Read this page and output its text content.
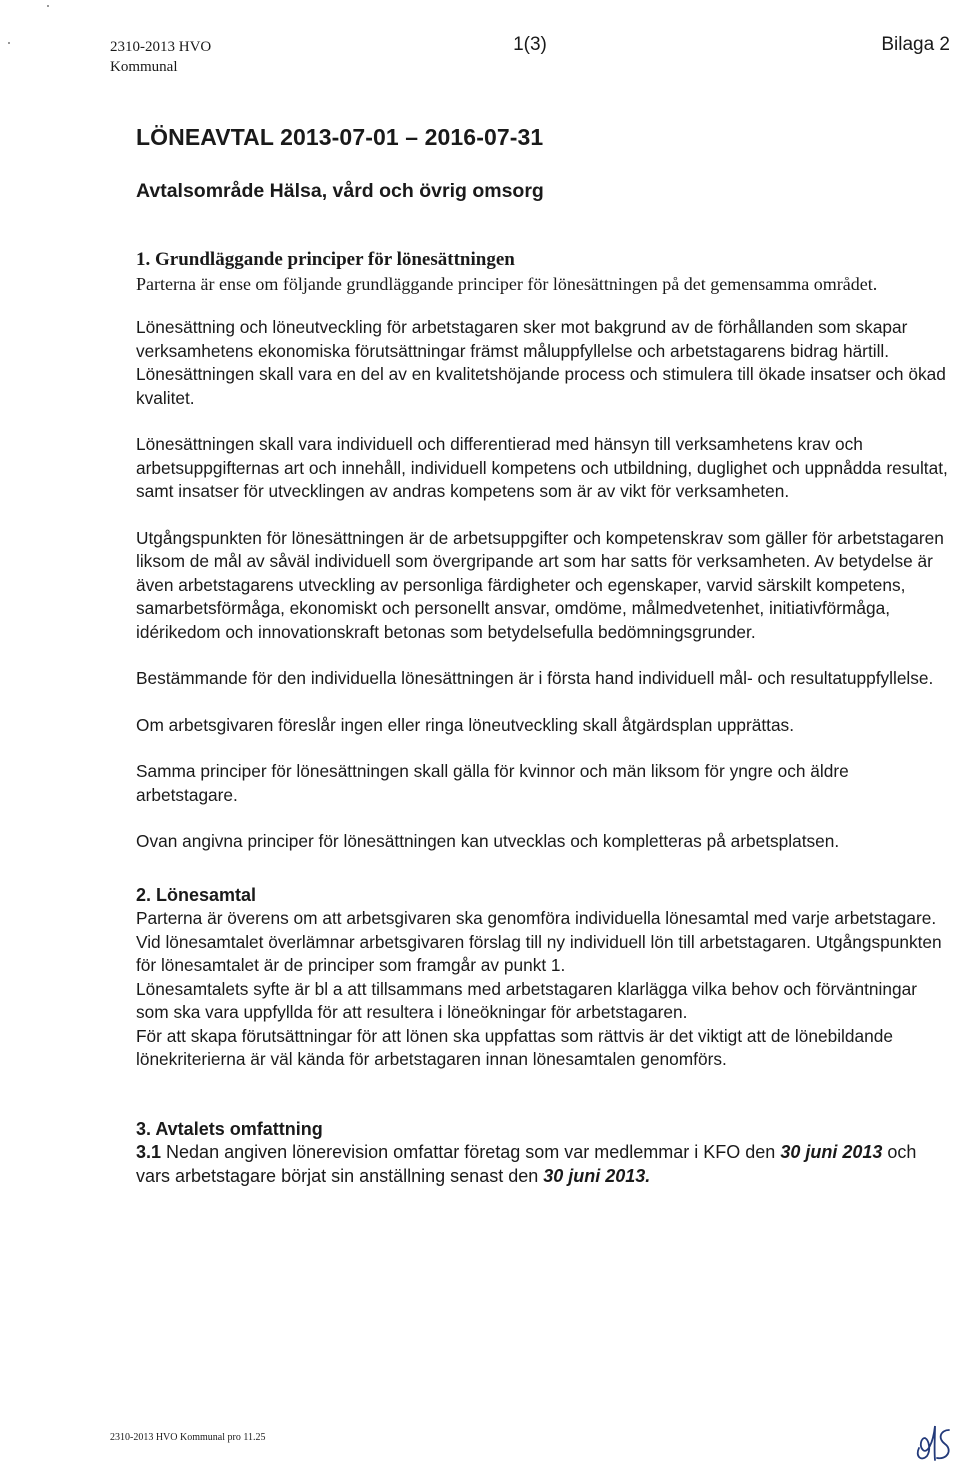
2310-2013 HVO
Kommunal
1(3)	Bilaga 2
LÖNEAVTAL 2013-07-01 – 2016-07-31
Avtalsområde Hälsa, vård och övrig omsorg

1. Grundläggande principer för lönesättningen

Parterna är ense om följande grundläggande principer för lönesättningen på det gemensamma området.

Lönesättning och löneutveckling för arbetstagaren sker mot bakgrund av de förhållanden som skapar verksamhetens ekonomiska förutsättningar främst måluppfyllelse och arbetstagarens bidrag härtill. Lönesättningen skall vara en del av en kvalitetshöjande process och stimulera till ökade insatser och ökad kvalitet.

Lönesättningen skall vara individuell och differentierad med hänsyn till verksamhetens krav och arbetsuppgifternas art och innehåll, individuell kompetens och utbildning, duglighet och uppnådda resultat, samt insatser för utvecklingen av andras kompetens som är av vikt för verksamheten.

Utgångspunkten för lönesättningen är de arbetsuppgifter och kompetenskrav som gäller för arbetstagaren liksom de mål av såväl individuell som övergripande art som har satts för verksamheten. Av betydelse är även arbetstagarens utveckling av personliga färdigheter och egenskaper, varvid särskilt kompetens, samarbetsförmåga, ekonomiskt och personellt ansvar, omdöme, målmedvetenhet, initiativförmåga, idérikedom och innovationskraft betonas som betydelsefulla bedömningsgrunder.

Bestämmande för den individuella lönesättningen är i första hand individuell mål- och resultatuppfyllelse.

Om arbetsgivaren föreslår ingen eller ringa löneutveckling skall åtgärdsplan upprättas.

Samma principer för lönesättningen skall gälla för kvinnor och män liksom för yngre och äldre arbetstagare.

Ovan angivna principer för lönesättningen kan utvecklas och kompletteras på arbetsplatsen.

2. Lönesamtal

Parterna är överens om att arbetsgivaren ska genomföra individuella lönesamtal med varje arbetstagare. Vid lönesamtalet överlämnar arbetsgivaren förslag till ny individuell lön till arbetstagaren. Utgångspunkten för lönesamtalet är de principer som framgår av punkt 1.

Lönesamtalets syfte är bl a att tillsammans med arbetstagaren klarlägga vilka behov och förväntningar som ska vara uppfyllda för att resultera i löneökningar för arbetstagaren.

För att skapa förutsättningar för att lönen ska uppfattas som rättvis är det viktigt att de lönebildande lönekriterierna är väl kända för arbetstagaren innan lönesamtalen genomförs.

3. Avtalets omfattning

3.1 Nedan angiven lönerevision omfattar företag som var medlemmar i KFO den 30 juni 2013 och vars arbetstagare börjat sin anställning senast den 30 juni 2013.

2310-2013 HVO Kommunal pro 11.25
